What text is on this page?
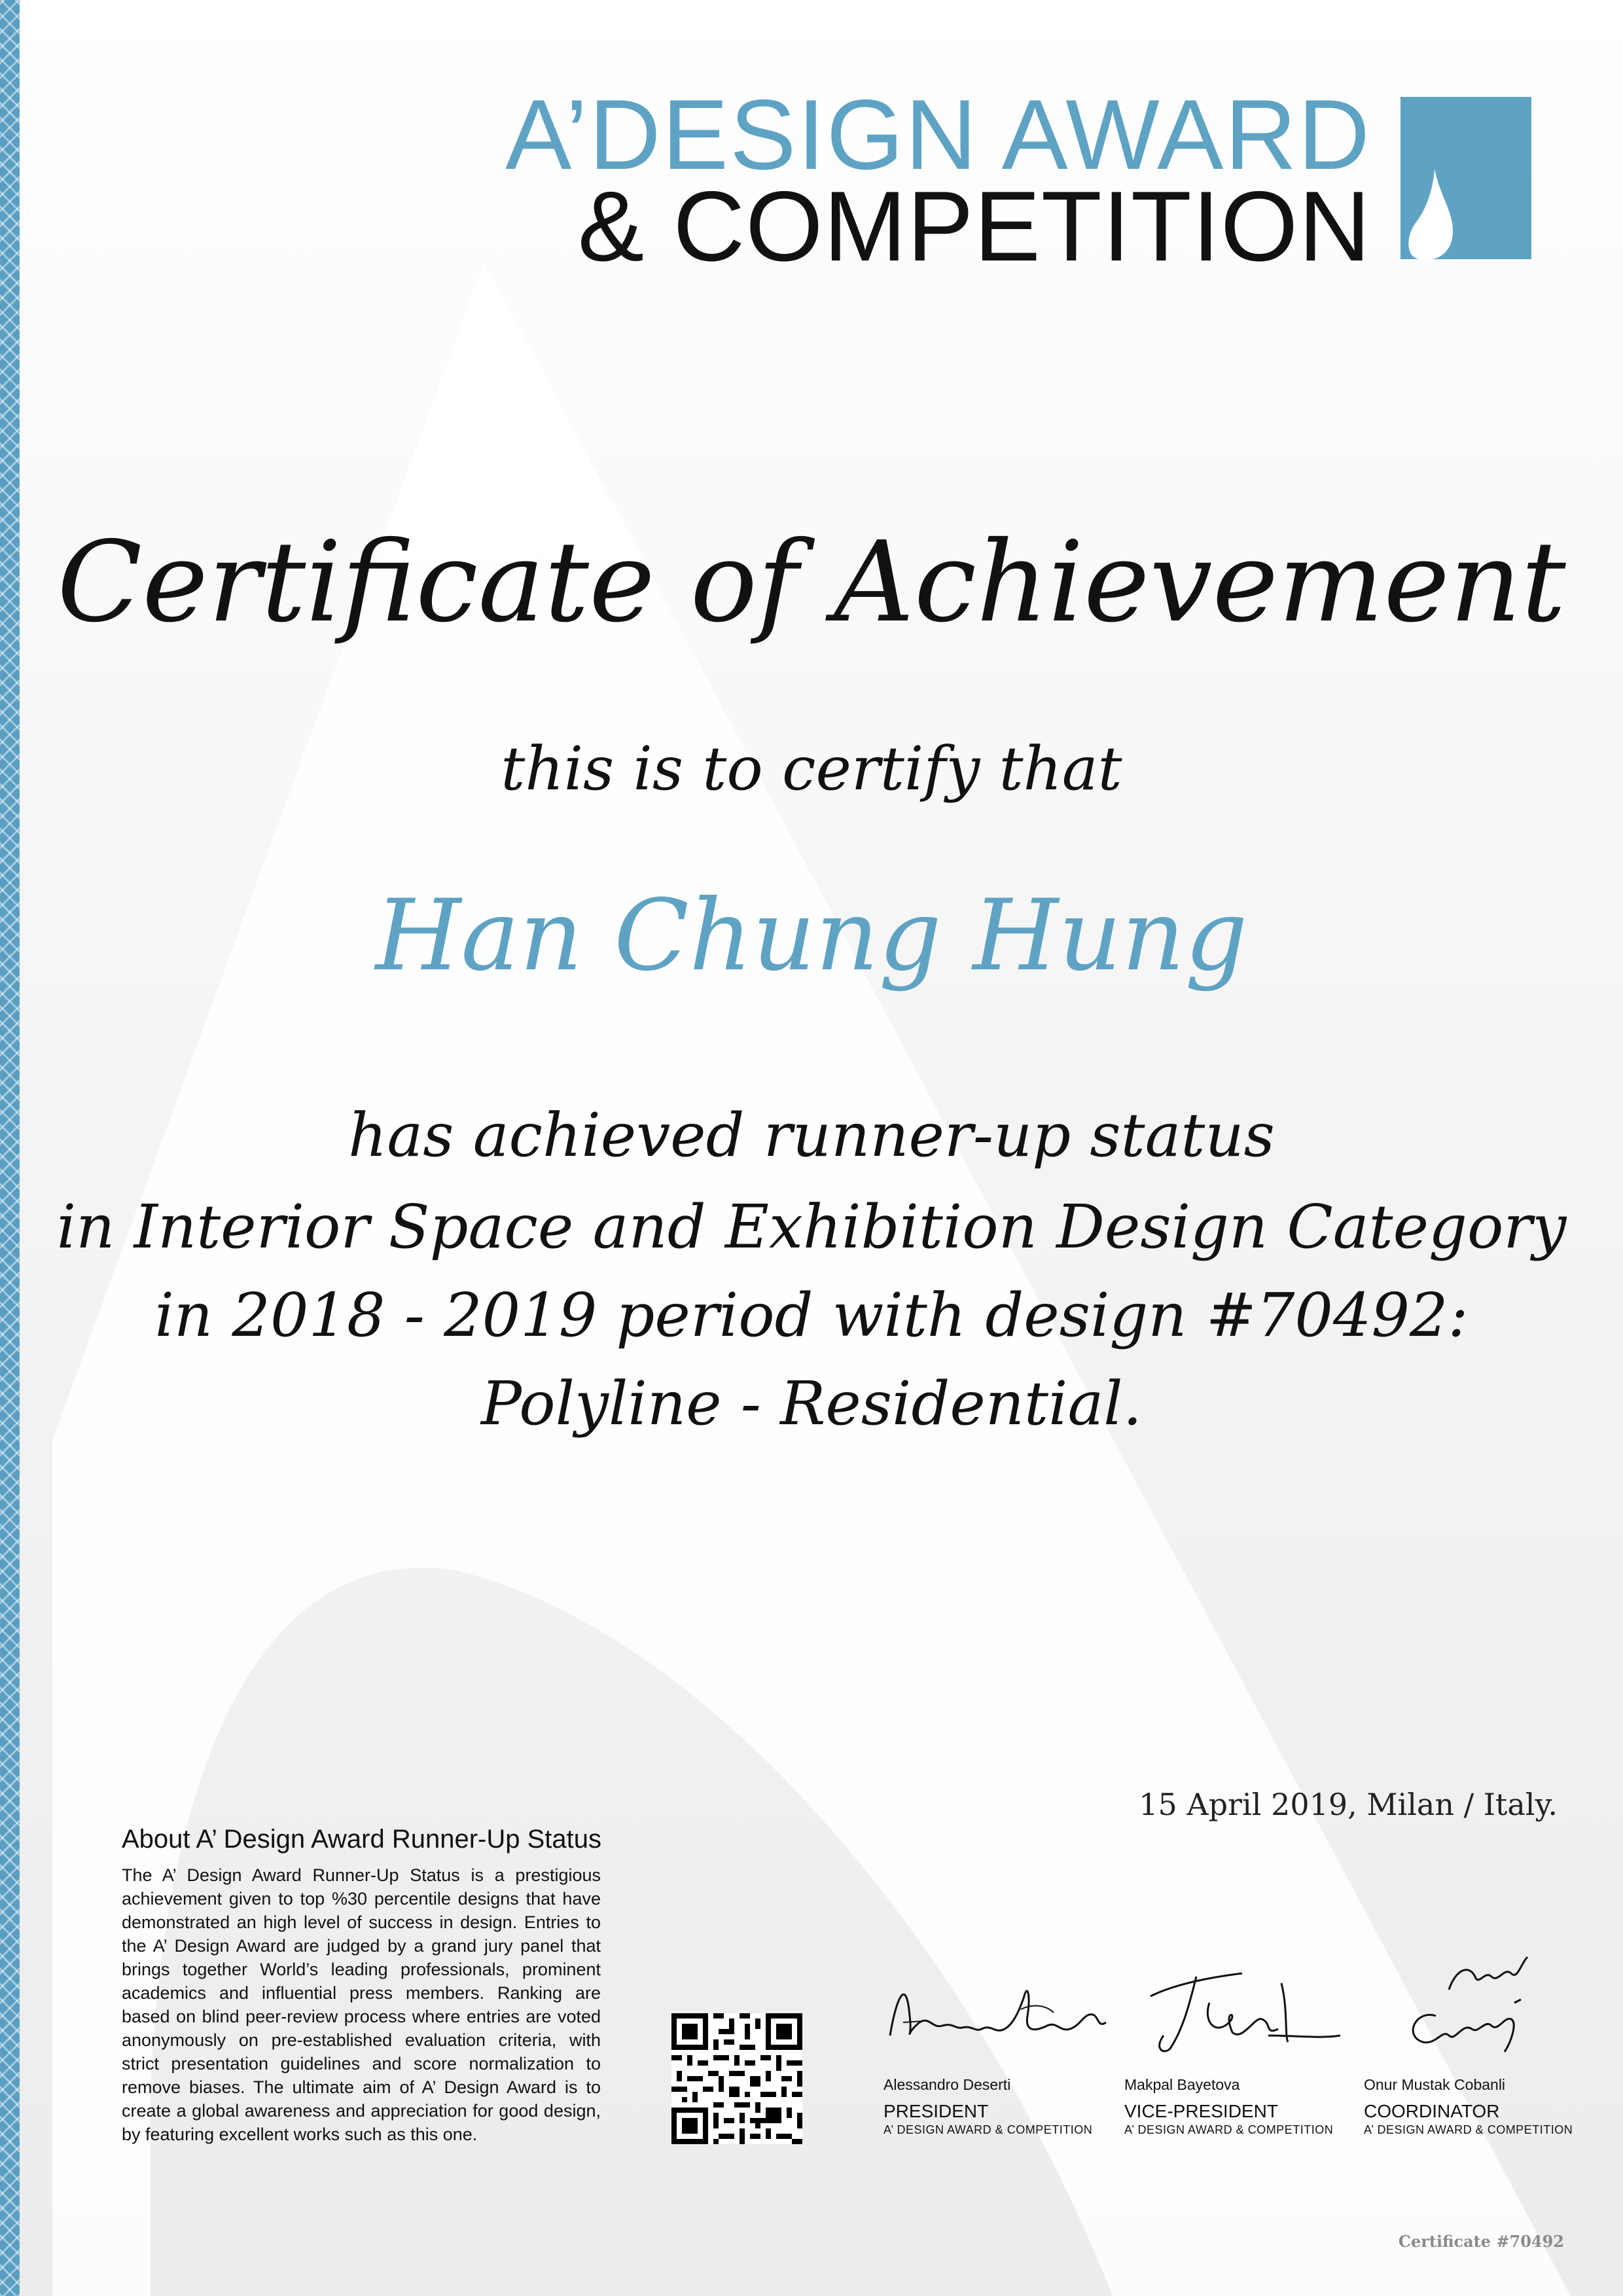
A’DESIGN AWARD
& COMPETITION
Certificate of Achievement
this is to certify that
Han Chung Hung
has achieved runner-up status
in Interior Space and Exhibition Design Category
in 2018 - 2019 period with design #70492:
Polyline - Residential.
15 April 2019, Milan / Italy.
About A’ Design Award Runner-Up Status
The A’ Design Award Runner-Up Status is a prestigious achievement given to top %30 percentile designs that have demonstrated an high level of success in design. Entries to the A’ Design Award are judged by a grand jury panel that brings together World’s leading professionals, prominent academics and influential press members. Ranking are based on blind peer-review process where entries are voted anonymously on pre-established evaluation criteria, with strict presentation guidelines and score normalization to remove biases. The ultimate aim of A’ Design Award is to create a global awareness and appreciation for good design, by featuring excellent works such as this one.
Alessandro Deserti
PRESIDENT
A’ DESIGN AWARD & COMPETITION
Makpal Bayetova
VICE-PRESIDENT
A’ DESIGN AWARD & COMPETITION
Onur Mustak Cobanli
COORDINATOR
A’ DESIGN AWARD & COMPETITION
Certificate #70492
